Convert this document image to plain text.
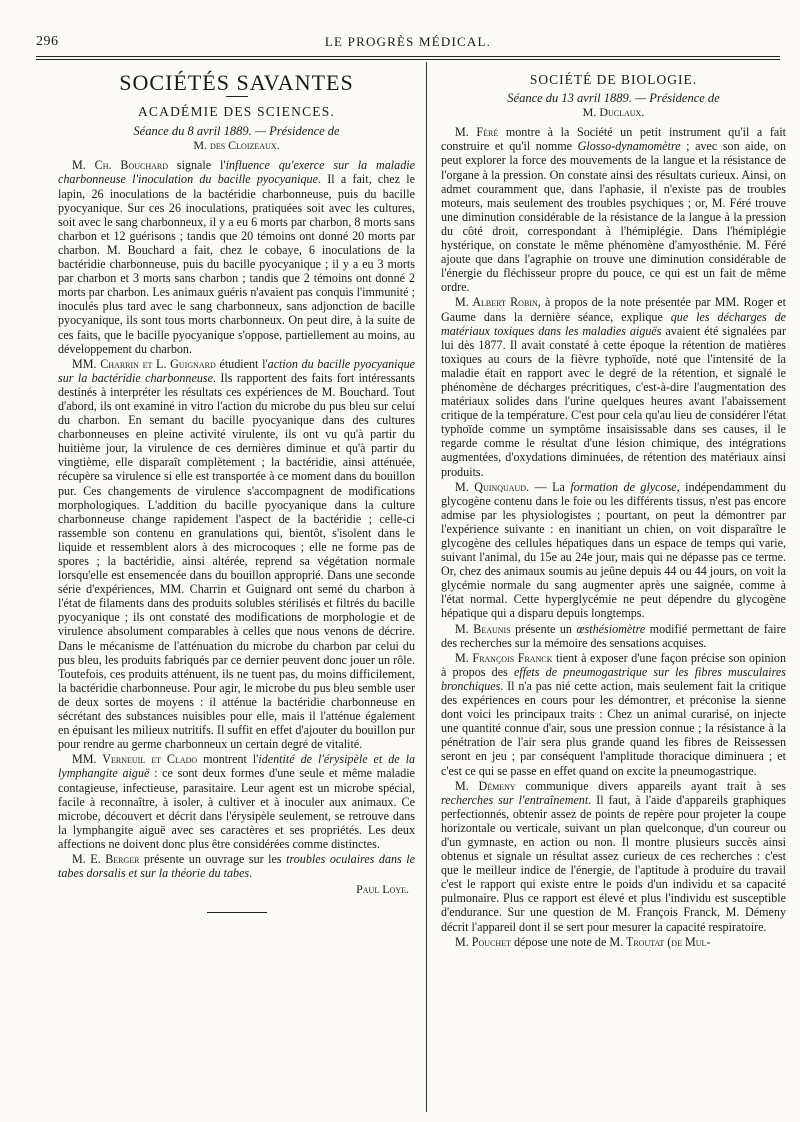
296	LE PROGRÈS MÉDICAL.
SOCIÉTÉS SAVANTES
ACADÉMIE DES SCIENCES.
Séance du 8 avril 1889. — Présidence de
M. des Cloizeaux.

M. Ch. Bouchard signale l'influence qu'exerce sur la maladie charbonneuse l'inoculation du bacille pyocyanique. Il a fait, chez le lapin, 26 inoculations de la bactéridie charbonneuse, puis du bacille pyocyanique. Sur ces 26 inoculations, pratiquées soit avec les cultures, soit avec le sang charbonneux, il y a eu 6 morts par charbon, 8 morts sans charbon et 12 guérisons ; tandis que 20 témoins ont donné 20 morts par charbon. M. Bouchard a fait, chez le cobaye, 6 inoculations de la bactéridie charbonneuse, puis du bacille pyocyanique ; il y a eu 3 morts par charbon et 3 morts sans charbon ; tandis que 2 témoins ont donné 2 morts par charbon. Les animaux guéris n'avaient pas conquis l'immunité ; inoculés plus tard avec le sang charbonneux, sans adjonction de bacille pyocyanique, ils sont tous morts charbonneux. On peut dire, à la suite de ces faits, que le bacille pyocyanique s'oppose, partiellement au moins, au développement du charbon.

MM. Charrin et L. Guignard étudient l'action du bacille pyocyanique sur la bactéridie charbonneuse. Ils rapportent des faits fort intéressants destinés à interpréter les résultats ces expériences de M. Bouchard. Tout d'abord, ils ont examiné in vitro l'action du microbe du pus bleu sur celui du charbon. En semant du bacille pyocyanique dans des cultures charbonneuses en pleine activité virulente, ils ont vu qu'à partir du huitième jour, la virulence de ces dernières diminue et qu'à partir du vingtième, elle disparaît complètement ; la bactéridie, ainsi atténuée, récupère sa virulence si elle est transportée à ce moment dans du bouillon pur. Ces changements de virulence s'accompagnent de modifications morphologiques. L'addition du bacille pyocyanique dans la culture charbonneuse change rapidement l'aspect de la bactéridie ; celle-ci rassemble son contenu en granulations qui, bientôt, s'isolent dans le liquide et ressemblent alors à des microcoques ; elle ne forme pas de spores ; la bactéridie, ainsi altérée, reprend sa végétation normale lorsqu'elle est ensemencée dans du bouillon approprié. Dans une seconde série d'expériences, MM. Charrin et Guignard ont semé du charbon à l'état de filaments dans des produits solubles stérilisés et filtrés du bacille pyocyanique ; ils ont constaté des modifications de morphologie et de virulence absolument comparables à celles que nous venons de décrire. Dans le mécanisme de l'atténuation du microbe du charbon par celui du pus bleu, les produits fabriqués par ce dernier peuvent donc jouer un rôle. Toutefois, ces produits atténuent, ils ne tuent pas, du moins difficilement, la bactéridie charbonneuse. Pour agir, le microbe du pus bleu semble user de deux sortes de moyens : il atténue la bactéridie charbonneuse en sécrétant des substances nuisibles pour elle, mais il l'atténue également en épuisant les milieux nutritifs. Il suffit en effet d'ajouter du bouillon pur pour rendre au germe charbonneux un certain degré de vitalité.

MM. Verneuil et Clado montrent l'identité de l'érysipèle et de la lymphangite aiguë : ce sont deux formes d'une seule et même maladie contagieuse, infectieuse, parasitaire. Leur agent est un microbe spécial, facile à reconnaître, à isoler, à cultiver et à inoculer aux animaux. Ce microbe, découvert et décrit dans l'érysipèle seulement, se retrouve dans la lymphangite aiguë avec ses caractères et ses propriétés. Les deux affections ne doivent donc plus être considérées comme distinctes.

M. E. Berger présente un ouvrage sur les troubles oculaires dans le tabes dorsalis et sur la théorie du tabes.

Paul Loye.

SOCIÉTÉ DE BIOLOGIE.
Séance du 13 avril 1889. — Présidence de
M. Duclaux.

M. Féré montre à la Société un petit instrument qu'il a fait construire et qu'il nomme Glosso-dynamomètre ; avec son aide, on peut explorer la force des mouvements de la langue et la résistance de l'organe à la pression. On constate ainsi des résultats curieux. Ainsi, on admet couramment que, dans l'aphasie, il n'existe pas de troubles moteurs, mais seulement des troubles psychiques ; or, M. Féré trouve une diminution considérable de la résistance de la langue à la pression du côté droit, correspondant à l'hémiplégie. Dans l'hémiplégie hystérique, on constate le même phénomène d'amyosthénie. M. Féré ajoute que dans l'agraphie on trouve une diminution considérable de l'énergie du fléchisseur propre du pouce, ce qui est un fait de même ordre.

M. Albert Robin, à propos de la note présentée par MM. Roger et Gaume dans la dernière séance, explique que les décharges de matériaux toxiques dans les maladies aiguës avaient été signalées par lui dès 1877. Il avait constaté à cette époque la rétention de matières toxiques au cours de la fièvre typhoïde, noté que l'intensité de la maladie était en rapport avec le degré de la rétention, et signalé le phénomène de décharges précritiques, c'est-à-dire l'augmentation des matériaux solides dans l'urine quelques heures avant l'abaissement critique de la température. C'est pour cela qu'au lieu de considérer l'état typhoïde comme un symptôme insaisissable dans ses causes, il le regarde comme le résultat d'une lésion chimique, des intégrations augmentées, d'oxydations diminuées, de rétention des matériaux ainsi produits.

M. Quinquaud. — La formation de glycose, indépendamment du glycogène contenu dans le foie ou les différents tissus, n'est pas encore admise par les physiologistes ; pourtant, on peut la démontrer par l'expérience suivante : en inanitiant un chien, on voit disparaître le glycogène des cellules hépatiques dans un espace de temps qui varie, suivant l'animal, du 15e au 24e jour, mais qui ne dépasse pas ce terme. Or, chez des animaux soumis au jeûne depuis 44 ou 44 jours, on voit la glycémie normale du sang augmenter après une saignée, comme à l'état normal. Cette hyperglycémie ne peut dépendre du glycogène hépatique qui a disparu depuis longtemps.

M. Beaunis présente un œsthésiomètre modifié permettant de faire des recherches sur la mémoire des sensations acquises.

M. François Franck tient à exposer d'une façon précise son opinion à propos des effets de pneumogastrique sur les fibres musculaires bronchiques. Il n'a pas nié cette action, mais seulement fait la critique des expériences en cours pour les démontrer, et préconise la sienne dont voici les principaux traits : Chez un animal curarisé, on injecte une quantité connue d'air, sous une pression connue ; la résistance à la pénétration de l'air sera plus grande quand les fibres de Reissessen seront en jeu ; par conséquent l'amplitude thoracique diminuera ; et c'est ce qui se passe en effet quand on excite la pneumogastrique.

M. Démeny communique divers appareils ayant trait à ses recherches sur l'entraînement. Il faut, à l'aide d'appareils graphiques perfectionnés, obtenir assez de points de repère pour projeter la coupe horizontale ou verticale, suivant un plan quelconque, d'un coureur ou d'un gymnaste, en action ou non. Il montre plusieurs succès ainsi obtenus et signale un résultat assez curieux de ces recherches : c'est que le meilleur indice de l'énergie, de l'aptitude à produire du travail c'est le rapport qui existe entre le poids d'un individu et sa capacité pulmonaire. Plus ce rapport est élevé et plus l'individu est susceptible d'endurance. Sur une question de M. François Franck, M. Démeny décrit l'appareil dont il se sert pour mesurer la capacité respiratoire.

M. Pouchet dépose une note de M. Troutat (de Mul-
